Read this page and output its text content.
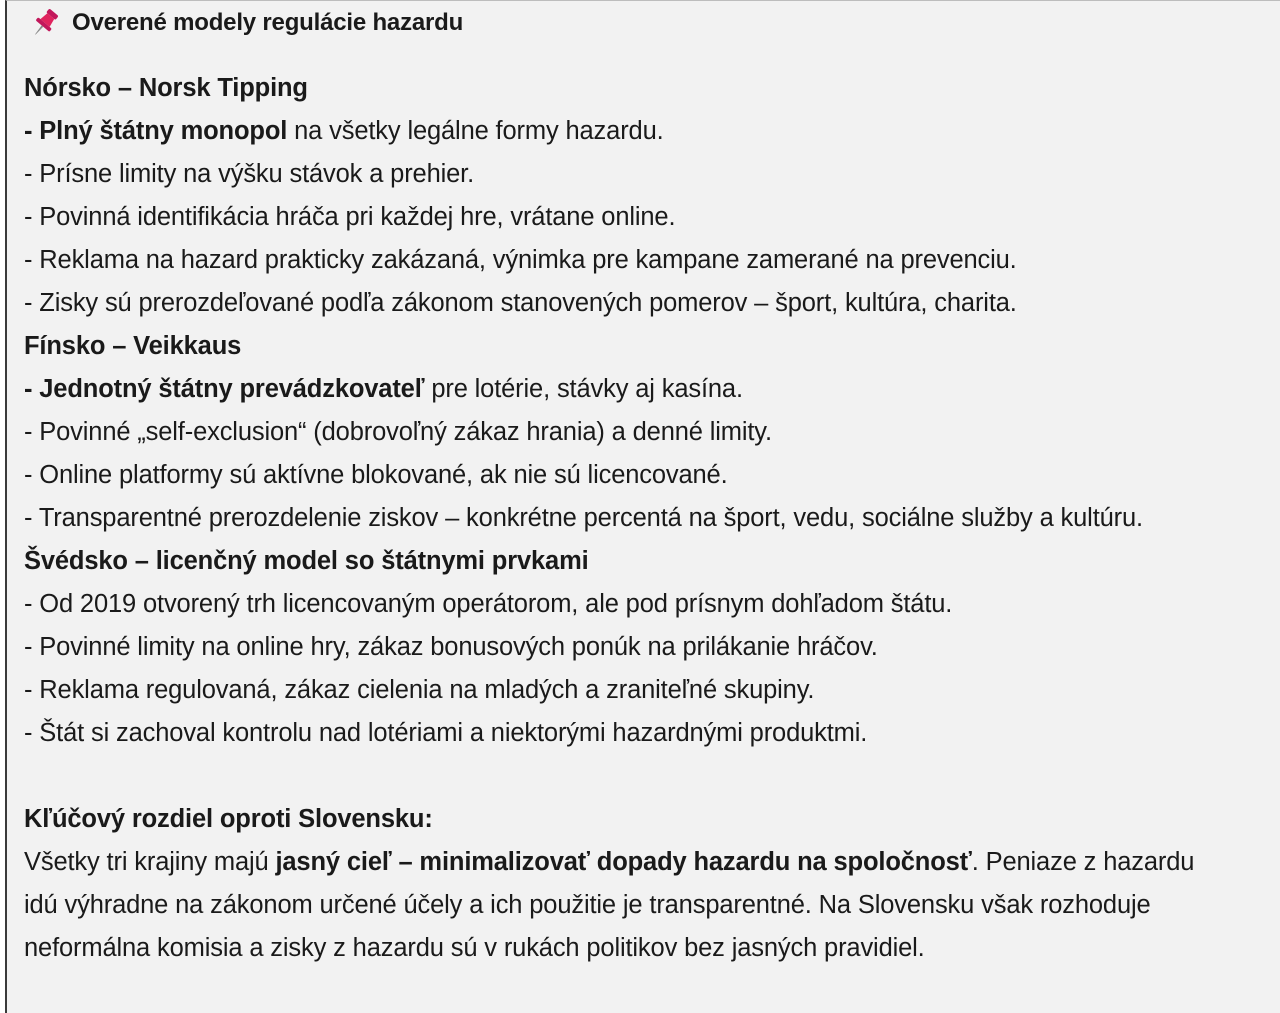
Overené modely regulácie hazardu
Nórsko – Norsk Tipping
- Plný štátny monopol na všetky legálne formy hazardu.
- Prísne limity na výšku stávok a prehier.
- Povinná identifikácia hráča pri každej hre, vrátane online.
- Reklama na hazard prakticky zakázaná, výnimka pre kampane zamerané na prevenciu.
- Zisky sú prerozdeľované podľa zákonom stanovených pomerov – šport, kultúra, charita.
Fínsko – Veikkaus
- Jednotný štátny prevádzkovateľ pre lotérie, stávky aj kasína.
- Povinné „self-exclusion“ (dobrovoľný zákaz hrania) a denné limity.
- Online platformy sú aktívne blokované, ak nie sú licencované.
- Transparentné prerozdelenie ziskov – konkrétne percentá na šport, vedu, sociálne služby a kultúru.
Švédsko – licenčný model so štátnymi prvkami
- Od 2019 otvorený trh licencovaným operátorom, ale pod prísnym dohľadom štátu.
- Povinné limity na online hry, zákaz bonusových ponúk na prilákanie hráčov.
- Reklama regulovaná, zákaz cielenia na mladých a zraniteľné skupiny.
- Štát si zachoval kontrolu nad lotériami a niektorými hazardnými produktmi.
Kľúčový rozdiel oproti Slovensku:
Všetky tri krajiny majú jasný cieľ – minimalizovať dopady hazardu na spoločnosť. Peniaze z hazardu
idú výhradne na zákonom určené účely a ich použitie je transparentné. Na Slovensku však rozhoduje
neformálna komisia a zisky z hazardu sú v rukách politikov bez jasných pravidiel.
